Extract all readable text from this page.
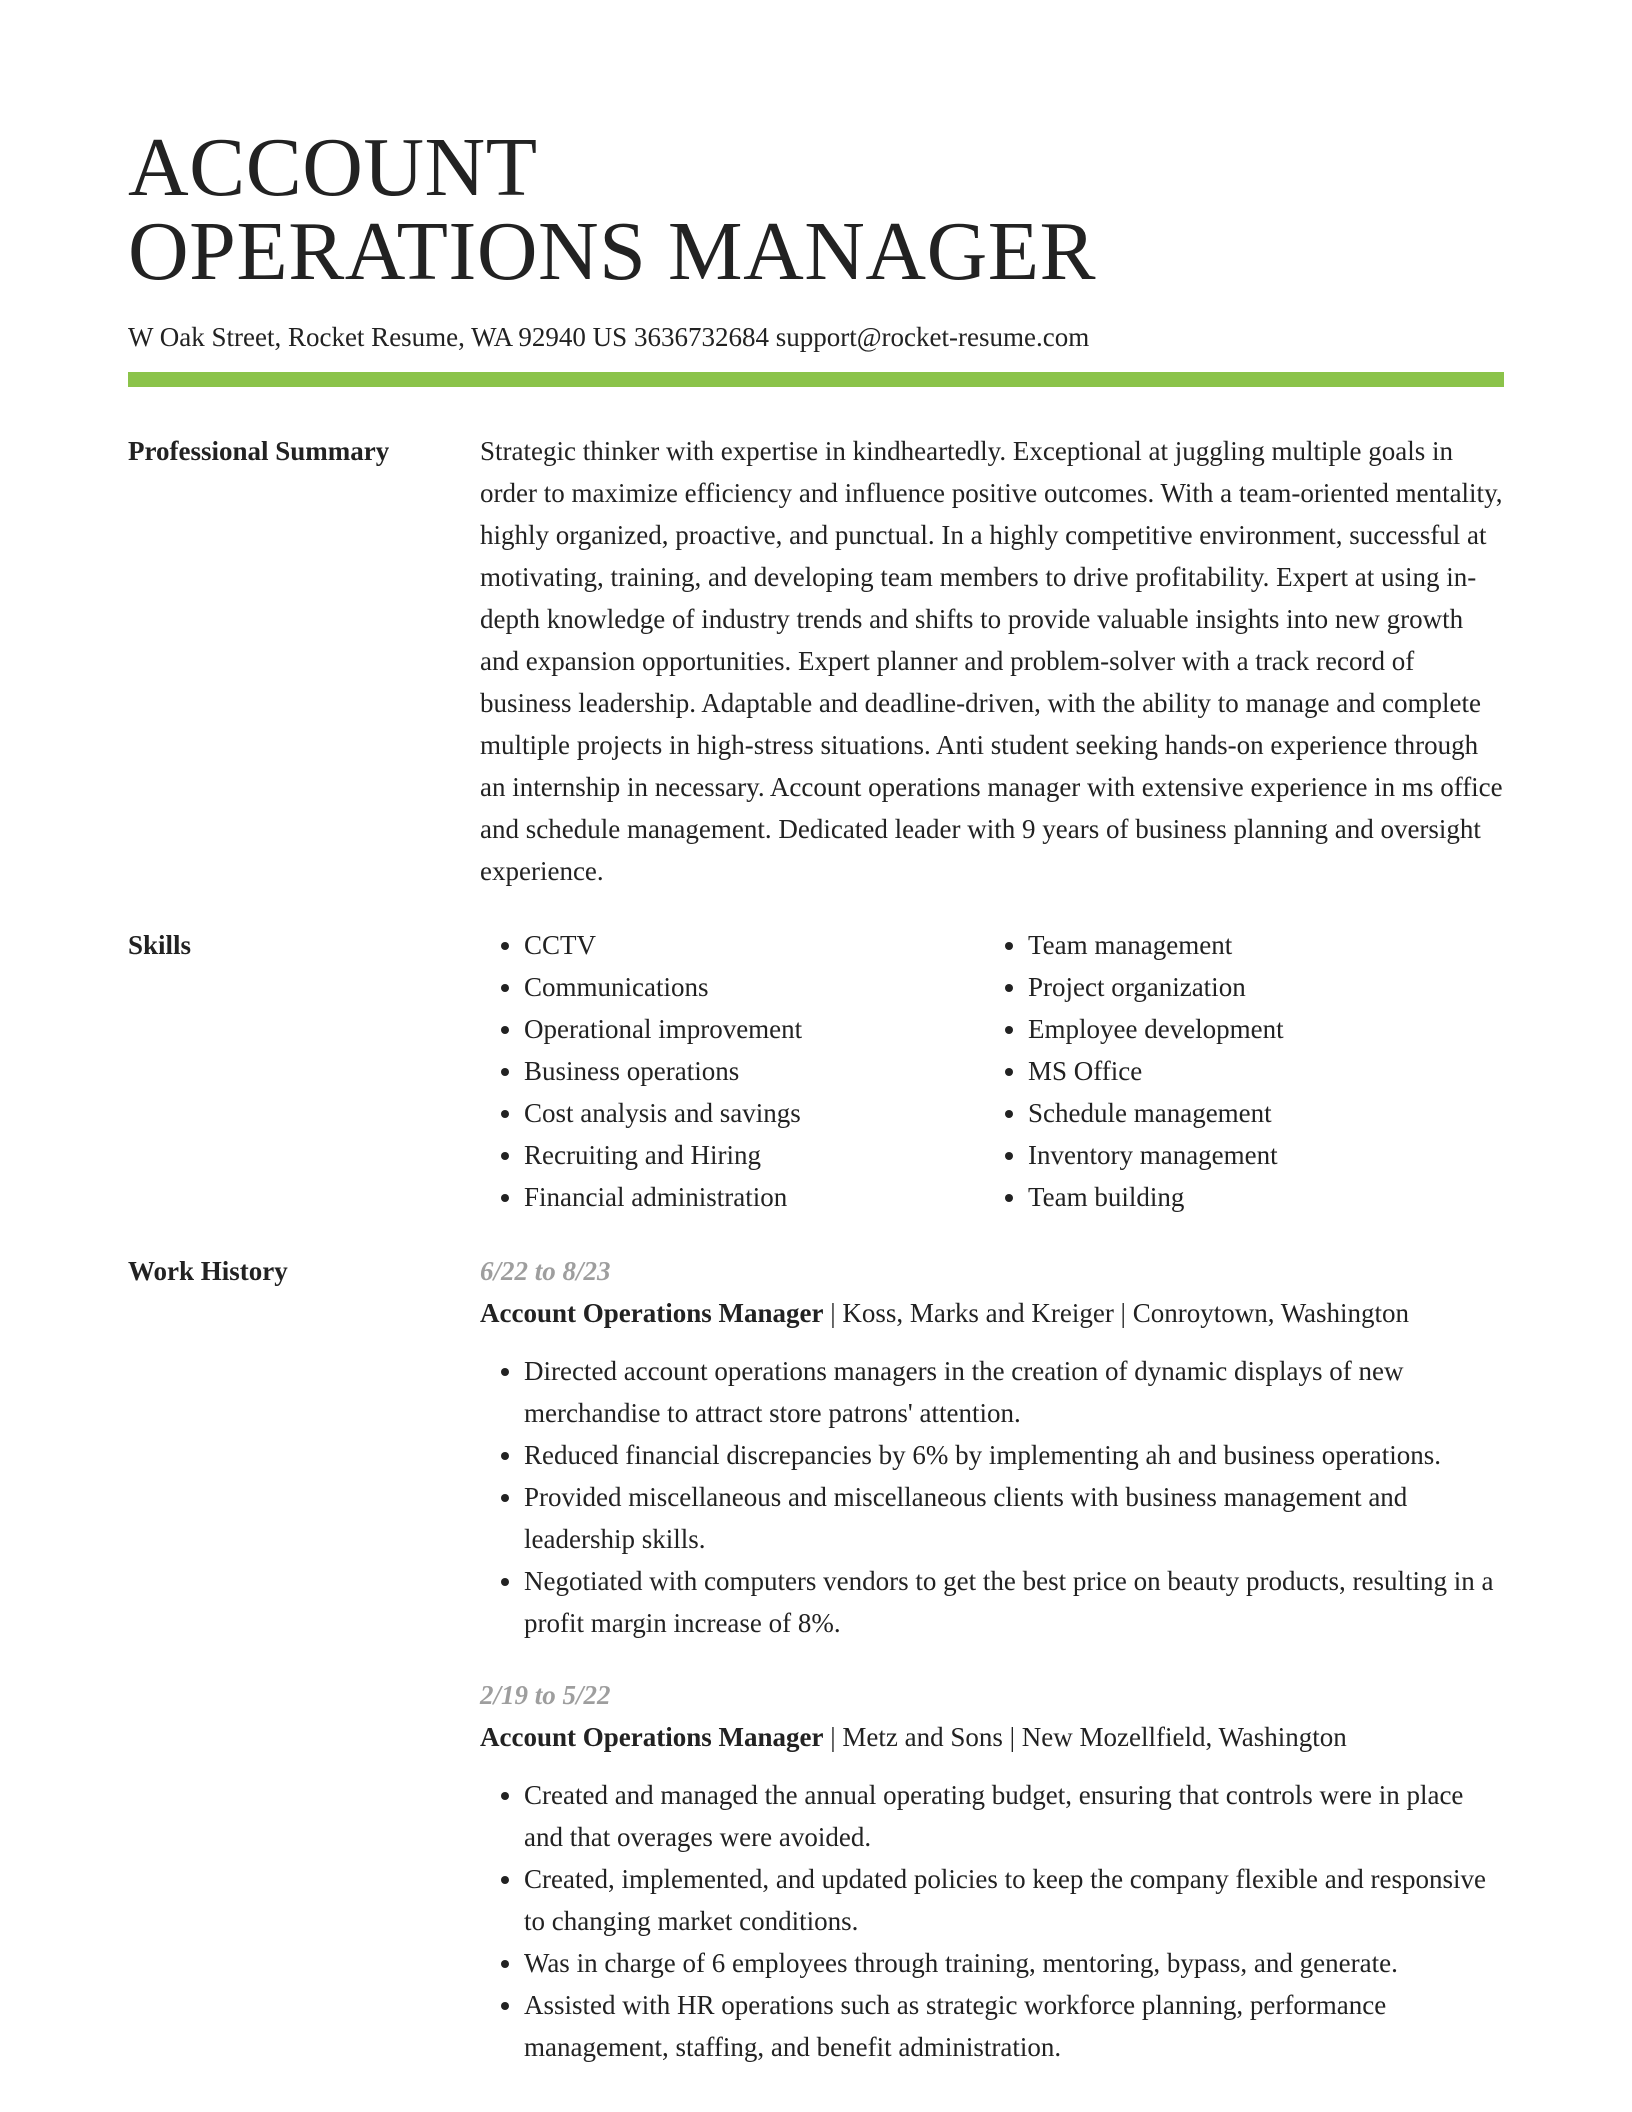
ACCOUNT
OPERATIONS MANAGER
W Oak Street, Rocket Resume, WA 92940 US 3636732684 support@rocket-resume.com
Professional Summary	Strategic thinker with expertise in kindheartedly. Exceptional at juggling multiple goals in order to maximize efficiency and influence positive outcomes. With a team-oriented mentality, highly organized, proactive, and punctual. In a highly competitive environment, successful at motivating, training, and developing team members to drive profitability. Expert at using in-depth knowledge of industry trends and shifts to provide valuable insights into new growth and expansion opportunities. Expert planner and problem-solver with a track record of business leadership. Adaptable and deadline-driven, with the ability to manage and complete multiple projects in high-stress situations. Anti student seeking hands-on experience through an internship in necessary. Account operations manager with extensive experience in ms office and schedule management. Dedicated leader with 9 years of business planning and oversight experience.
Skills
•	CCTV
• Communications
• Operational improvement
• Business operations
• Cost analysis and savings
• Recruiting and Hiring
• Financial administration
• Team management
• Project organization
• Employee development
• MS Office
• Schedule management
• Inventory management
• Team building
Work History	6/22 to 8/23
Account Operations Manager | Koss, Marks and Kreiger | Conroytown, Washington
• Directed account operations managers in the creation of dynamic displays of new merchandise to attract store patrons' attention.
• Reduced financial discrepancies by 6% by implementing ah and business operations.
• Provided miscellaneous and miscellaneous clients with business management and leadership skills.
• Negotiated with computers vendors to get the best price on beauty products, resulting in a profit margin increase of 8%.
2/19 to 5/22
Account Operations Manager | Metz and Sons | New Mozellfield, Washington
• Created and managed the annual operating budget, ensuring that controls were in place and that overages were avoided.
• Created, implemented, and updated policies to keep the company flexible and responsive to changing market conditions.
• Was in charge of 6 employees through training, mentoring, bypass, and generate.
• Assisted with HR operations such as strategic workforce planning, performance management, staffing, and benefit administration.
